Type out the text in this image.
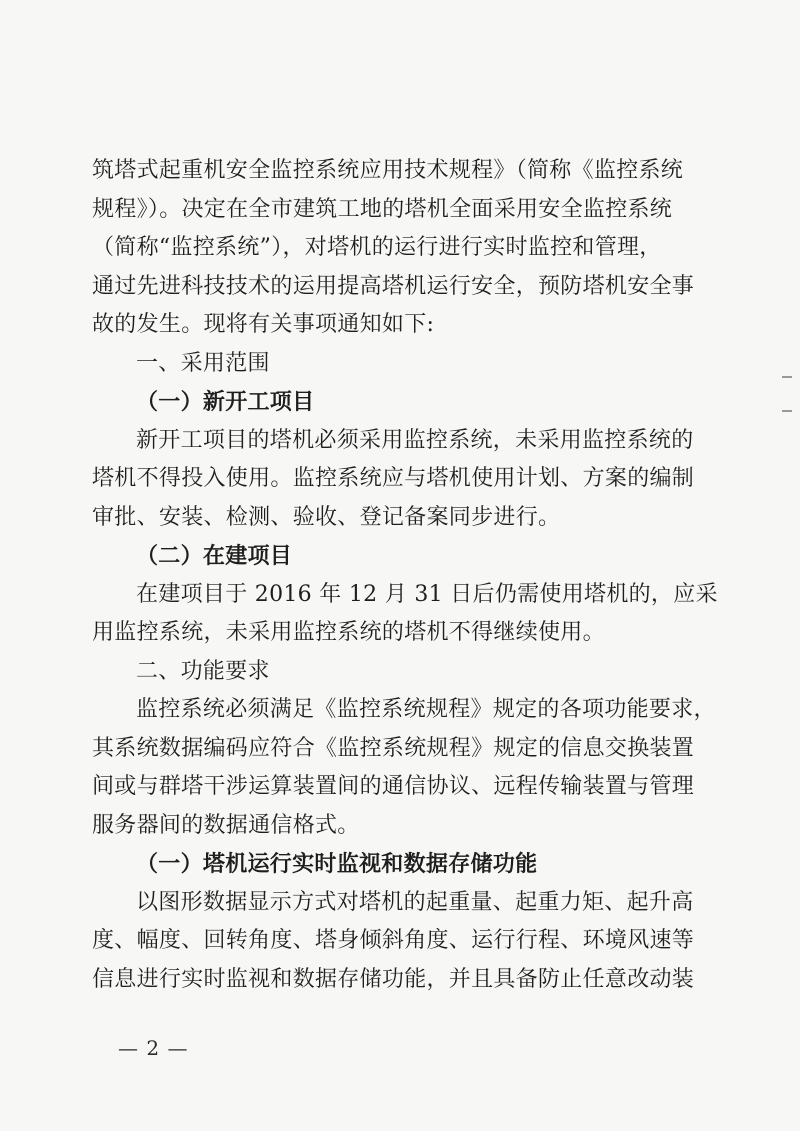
筑塔式起重机安全监控系统应用技术规程》（简称《监控系统
规程》）。决定在全市建筑工地的塔机全面采用安全监控系统
（简称“监控系统”），对塔机的运行进行实时监控和管理，
通过先进科技技术的运用提高塔机运行安全，预防塔机安全事
故的发生。现将有关事项通知如下:
一、采用范围
（一）新开工项目
新开工项目的塔机必须采用监控系统，未采用监控系统的
塔机不得投入使用。监控系统应与塔机使用计划、方案的编制
审批、安装、检测、验收、登记备案同步进行。
（二）在建项目
在建项目于 2016 年 12 月 31 日后仍需使用塔机的，应采
用监控系统，未采用监控系统的塔机不得继续使用。
二、功能要求
监控系统必须满足《监控系统规程》规定的各项功能要求，
其系统数据编码应符合《监控系统规程》规定的信息交换装置
间或与群塔干涉运算装置间的通信协议、远程传输装置与管理
服务器间的数据通信格式。
（一）塔机运行实时监视和数据存储功能
以图形数据显示方式对塔机的起重量、起重力矩、起升高
度、幅度、回转角度、塔身倾斜角度、运行行程、环境风速等
信息进行实时监视和数据存储功能，并且具备防止任意改动装
— 2 —
